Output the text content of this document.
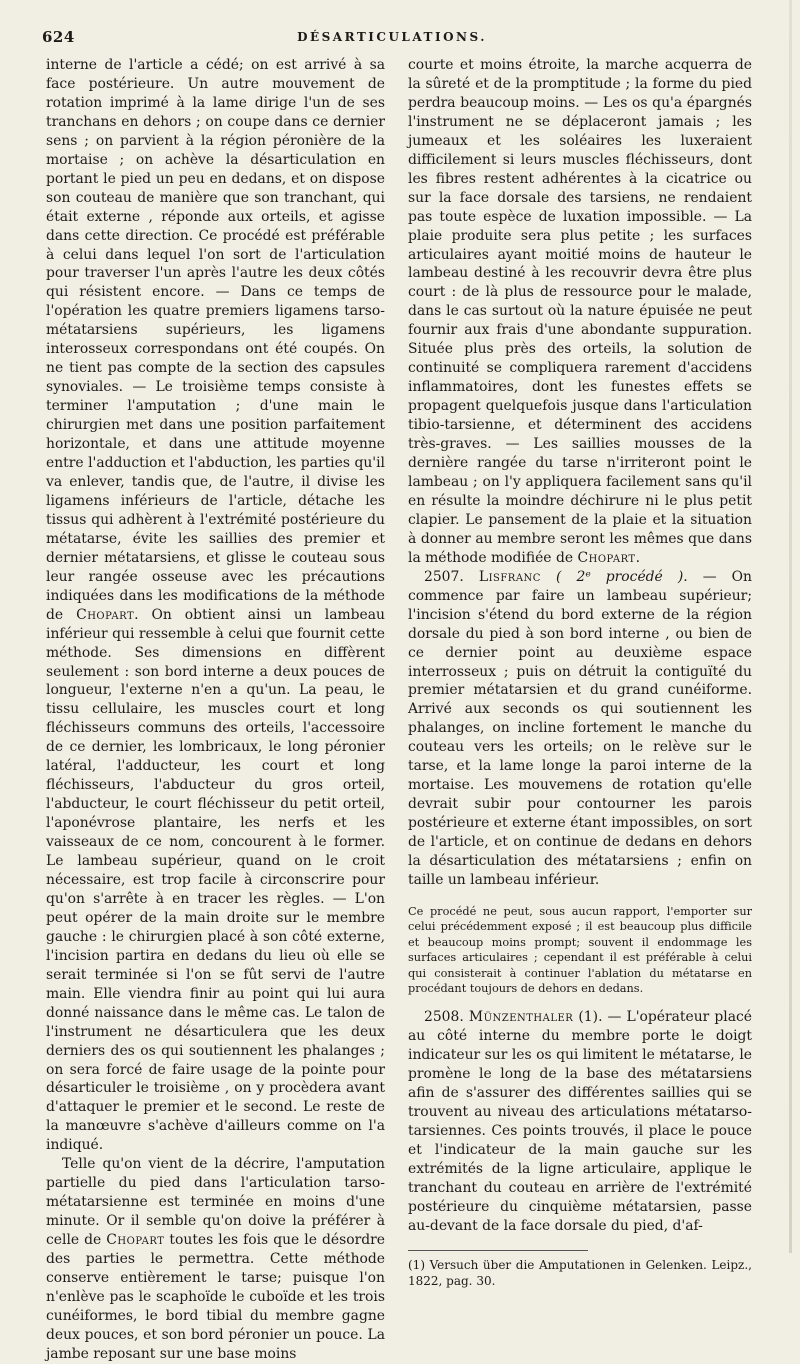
624	DÉSARTICULATIONS.

interne de l'article a cédé; on est arrivé à sa face postérieure. Un autre mouvement de rotation imprimé à la lame dirige l'un de ses tranchans en dehors ; on coupe dans ce dernier sens ; on parvient à la région péronière de la mortaise ; on achève la désarticulation en portant le pied un peu en dedans, et on dispose son couteau de manière que son tranchant, qui était externe , réponde aux orteils, et agisse dans cette direction. Ce procédé est préférable à celui dans lequel l'on sort de l'articulation pour traverser l'un après l'autre les deux côtés qui résistent encore. — Dans ce temps de l'opération les quatre premiers ligamens tarso-métatarsiens supérieurs, les ligamens interosseux correspondans ont été coupés. On ne tient pas compte de la section des capsules synoviales. — Le troisième temps consiste à terminer l'amputation ; d'une main le chirurgien met dans une position parfaitement horizontale, et dans une attitude moyenne entre l'adduction et l'abduction, les parties qu'il va enlever, tandis que, de l'autre, il divise les ligamens inférieurs de l'article, détache les tissus qui adhèrent à l'extrémité postérieure du métatarse, évite les saillies des premier et dernier métatarsiens, et glisse le couteau sous leur rangée osseuse avec les précautions indiquées dans les modifications de la méthode de Chopart. On obtient ainsi un lambeau inférieur qui ressemble à celui que fournit cette méthode. Ses dimensions en diffèrent seulement : son bord interne a deux pouces de longueur, l'externe n'en a qu'un. La peau, le tissu cellulaire, les muscles court et long fléchisseurs communs des orteils, l'accessoire de ce dernier, les lombricaux, le long péronier latéral, l'adducteur, les court et long fléchisseurs, l'abducteur du gros orteil, l'abducteur, le court fléchisseur du petit orteil, l'aponévrose plantaire, les nerfs et les vaisseaux de ce nom, concourent à le former. Le lambeau supérieur, quand on le croit nécessaire, est trop facile à circonscrire pour qu'on s'arrête à en tracer les règles. — L'on peut opérer de la main droite sur le membre gauche : le chirurgien placé à son côté externe, l'incision partira en dedans du lieu où elle se serait terminée si l'on se fût servi de l'autre main. Elle viendra finir au point qui lui aura donné naissance dans le même cas. Le talon de l'instrument ne désarticulera que les deux derniers des os qui soutiennent les phalanges ; on sera forcé de faire usage de la pointe pour désarticuler le troisième , on y procèdera avant d'attaquer le premier et le second. Le reste de la manœuvre s'achève d'ailleurs comme on l'a indiqué.

Telle qu'on vient de la décrire, l'amputation partielle du pied dans l'articulation tarso-métatarsienne est terminée en moins d'une minute. Or il semble qu'on doive la préférer à celle de Chopart toutes les fois que le désordre des parties le permettra. Cette méthode conserve entièrement le tarse; puisque l'on n'enlève pas le scaphoïde le cuboïde et les trois cunéiformes, le bord tibial du membre gagne deux pouces, et son bord péronier un pouce. La jambe reposant sur une base moins

courte et moins étroite, la marche acquerra de la sûreté et de la promptitude ; la forme du pied perdra beaucoup moins. — Les os qu'a épargnés l'instrument ne se déplaceront jamais ; les jumeaux et les soléaires les luxeraient difficilement si leurs muscles fléchisseurs, dont les fibres restent adhérentes à la cicatrice ou sur la face dorsale des tarsiens, ne rendaient pas toute espèce de luxation impossible. — La plaie produite sera plus petite ; les surfaces articulaires ayant moitié moins de hauteur le lambeau destiné à les recouvrir devra être plus court : de là plus de ressource pour le malade, dans le cas surtout où la nature épuisée ne peut fournir aux frais d'une abondante suppuration. Située plus près des orteils, la solution de continuité se compliquera rarement d'accidens inflammatoires, dont les funestes effets se propagent quelquefois jusque dans l'articulation tibio-tarsienne, et déterminent des accidens très-graves. — Les saillies mousses de la dernière rangée du tarse n'irriteront point le lambeau ; on l'y appliquera facilement sans qu'il en résulte la moindre déchirure ni le plus petit clapier. Le pansement de la plaie et la situation à donner au membre seront les mêmes que dans la méthode modifiée de Chopart.

2507. Lisfranc ( 2ᵉ procédé ). — On commence par faire un lambeau supérieur; l'incision s'étend du bord externe de la région dorsale du pied à son bord interne , ou bien de ce dernier point au deuxième espace interrosseux ; puis on détruit la contiguïté du premier métatarsien et du grand cunéiforme. Arrivé aux seconds os qui soutiennent les phalanges, on incline fortement le manche du couteau vers les orteils; on le relève sur le tarse, et la lame longe la paroi interne de la mortaise. Les mouvemens de rotation qu'elle devrait subir pour contourner les parois postérieure et externe étant impossibles, on sort de l'article, et on continue de dedans en dehors la désarticulation des métatarsiens ; enfin on taille un lambeau inférieur.

Ce procédé ne peut, sous aucun rapport, l'emporter sur celui précédemment exposé ; il est beaucoup plus difficile et beaucoup moins prompt; souvent il endommage les surfaces articulaires ; cependant il est préférable à celui qui consisterait à continuer l'ablation du métatarse en procédant toujours de dehors en dedans.

2508. Münzenthaler (1). — L'opérateur placé au côté interne du membre porte le doigt indicateur sur les os qui limitent le métatarse, le promène le long de la base des métatarsiens afin de s'assurer des différentes saillies qui se trouvent au niveau des articulations métatarso-tarsiennes. Ces points trouvés, il place le pouce et l'indicateur de la main gauche sur les extrémités de la ligne articulaire, applique le tranchant du couteau en arrière de l'extrémité postérieure du cinquième métatarsien, passe au-devant de la face dorsale du pied, d'af-

(1) Versuch über die Amputationen in Gelenken. Leipz., 1822, pag. 30.
